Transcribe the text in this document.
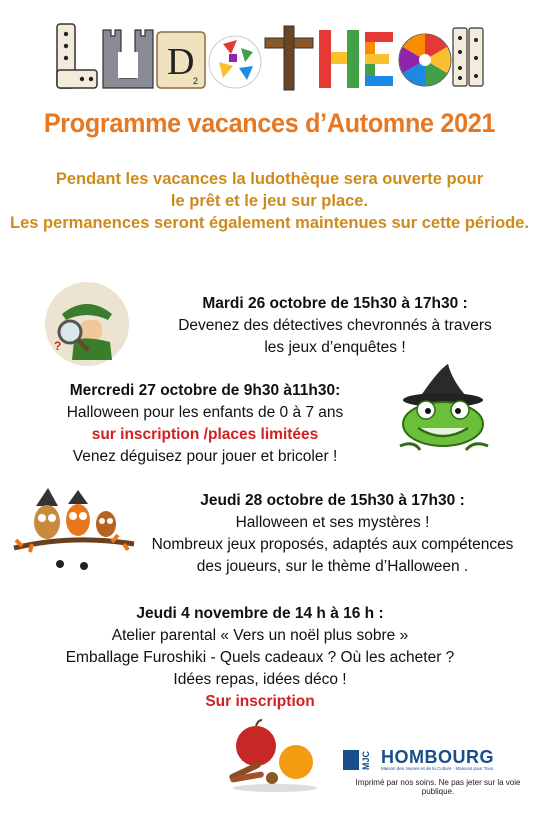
D
2
LUDOTHEQUE
Programme vacances d’Automne 2021
Pendant les vacances la ludothèque sera ouverte pour
le prêt et le jeu sur place.
Les permanences seront également maintenues sur cette période.
?
Mardi 26 octobre de 15h30 à 17h30 :
Devenez des détectives chevronnés à travers
les jeux d’enquêtes !
Mercredi 27 octobre de 9h30 à11h30:
Halloween pour les enfants de 0 à 7 ans
sur inscription /places limitées
Venez déguisez pour jouer et bricoler !
Jeudi 28 octobre de 15h30 à 17h30 :
Halloween et ses mystères !
Nombreux jeux proposés, adaptés aux compétences
des joueurs, sur le thème d’Halloween .
Jeudi 4 novembre de 14 h à 16 h :
Atelier parental « Vers un noël plus sobre »
Emballage Furoshiki - Quels cadeaux ? Où les acheter ?
Idées repas, idées déco !
Sur inscription
MJC HOMBOURG
Maison des Jeunes et de la Culture · Maisons pour Tous
Imprimé par nos soins. Ne pas jeter sur la voie publique.
